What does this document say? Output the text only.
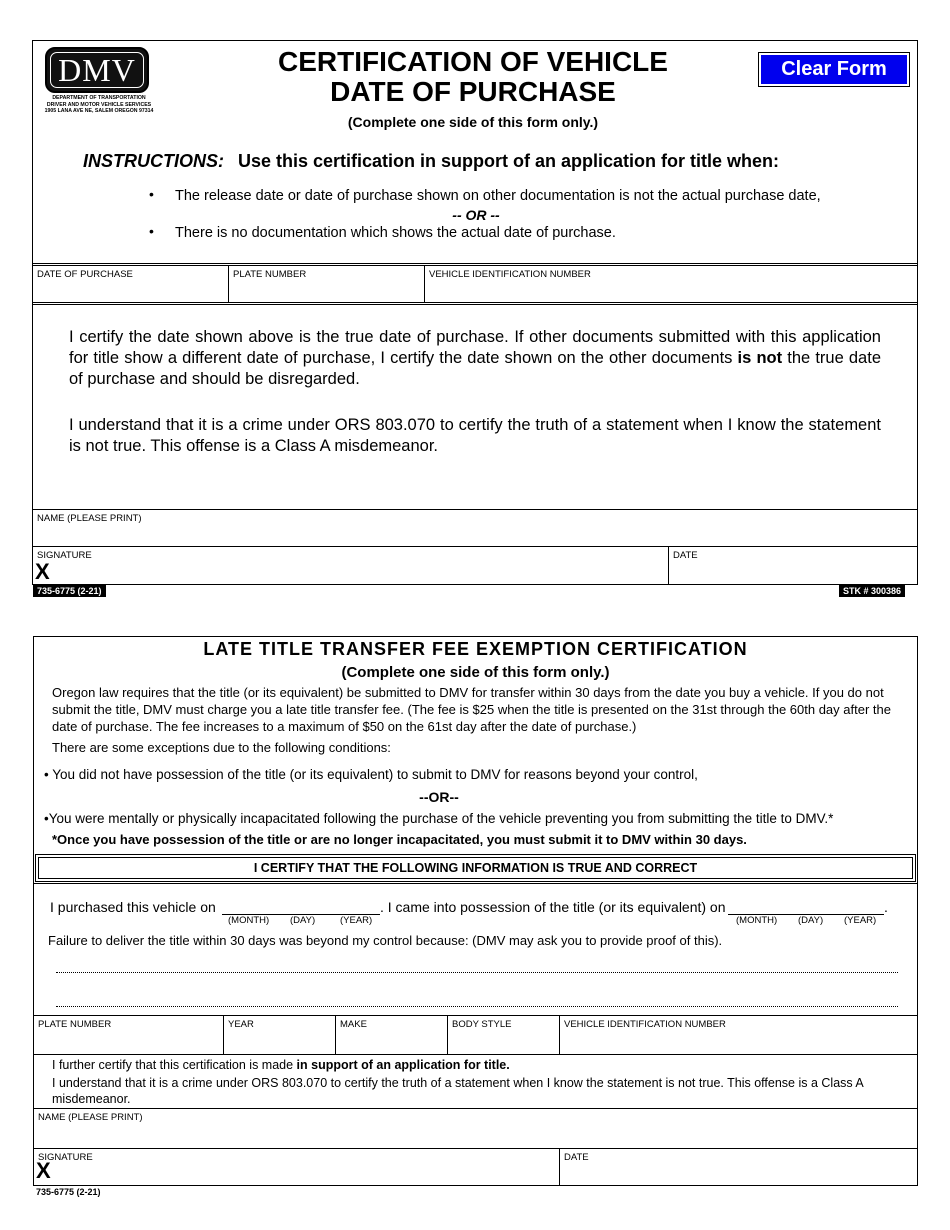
DMV
DEPARTMENT OF TRANSPORTATION
DRIVER AND MOTOR VEHICLE SERVICES
1905 LANA AVE NE, SALEM OREGON 97314
CERTIFICATION OF VEHICLE
DATE OF PURCHASE
(Complete one side of this form only.)
Clear Form
INSTRUCTIONS: Use this certification in support of an application for title when:
• The release date or date of purchase shown on other documentation is not the actual purchase date,
-- OR --
• There is no documentation which shows the actual date of purchase.
DATE OF PURCHASE	PLATE NUMBER	VEHICLE IDENTIFICATION NUMBER
I certify the date shown above is the true date of purchase. If other documents submitted with this application for title show a different date of purchase, I certify the date shown on the other documents is not the true date of purchase and should be disregarded.
I understand that it is a crime under ORS 803.070 to certify the truth of a statement when I know the statement is not true. This offense is a Class A misdemeanor.
NAME (PLEASE PRINT)
SIGNATURE
X
DATE
735-6775 (2-21)	STK # 300386
LATE TITLE TRANSFER FEE EXEMPTION CERTIFICATION
(Complete one side of this form only.)
Oregon law requires that the title (or its equivalent) be submitted to DMV for transfer within 30 days from the date you buy a vehicle. If you do not submit the title, DMV must charge you a late title transfer fee. (The fee is $25 when the title is presented on the 31st through the 60th day after the date of purchase. The fee increases to a maximum of $50 on the 61st day after the date of purchase.)
There are some exceptions due to the following conditions:
• You did not have possession of the title (or its equivalent) to submit to DMV for reasons beyond your control,
--OR--
•You were mentally or physically incapacitated following the purchase of the vehicle preventing you from submitting the title to DMV.*
*Once you have possession of the title or are no longer incapacitated, you must submit it to DMV within 30 days.
I CERTIFY THAT THE FOLLOWING INFORMATION IS TRUE AND CORRECT
I purchased this vehicle on	. I came into possession of the title (or its equivalent) on	.
(MONTH) (DAY)	(YEAR)	(MONTH) (DAY) (YEAR)
Failure to deliver the title within 30 days was beyond my control because: (DMV may ask you to provide proof of this).
PLATE NUMBER	YEAR	MAKE	BODY STYLE	VEHICLE IDENTIFICATION NUMBER
I further certify that this certification is made in support of an application for title.
I understand that it is a crime under ORS 803.070 to certify the truth of a statement when I know the statement is not true. This offense is a Class A misdemeanor.
NAME (PLEASE PRINT)
SIGNATURE
X
DATE
735-6775 (2-21)
